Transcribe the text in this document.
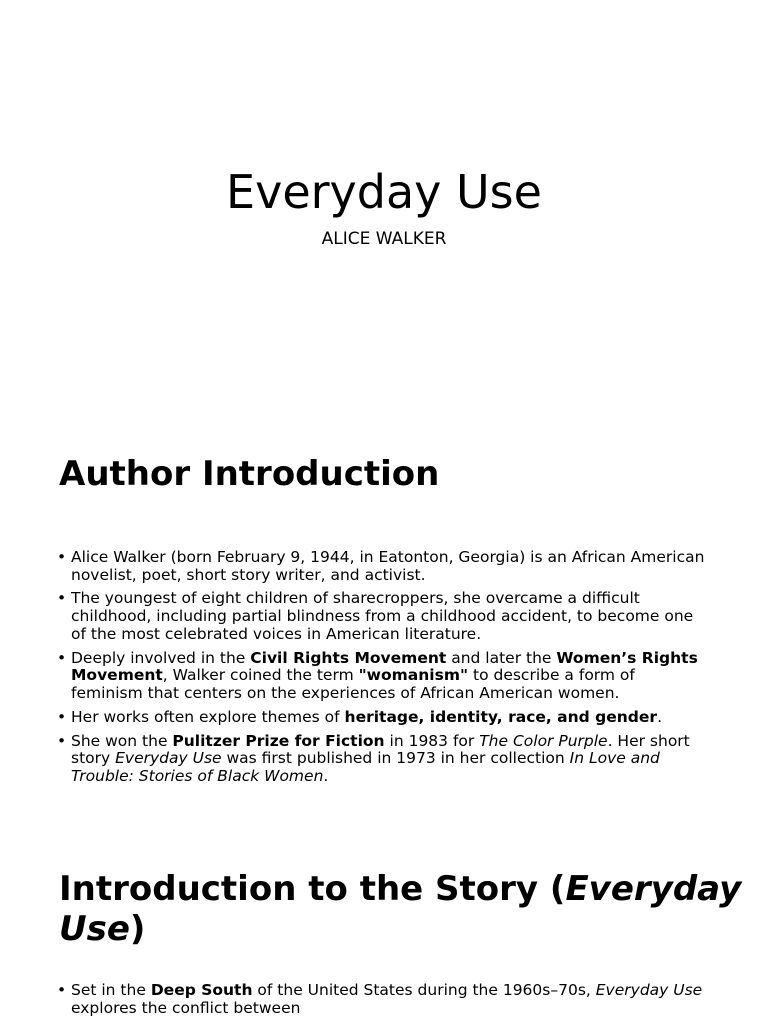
Everyday Use

ALICE WALKER

Author Introduction
• Alice Walker (born February 9, 1944, in Eatonton, Georgia) is an African American novelist, poet, short story writer, and activist.
• The youngest of eight children of sharecroppers, she overcame a difficult childhood, including partial blindness from a childhood accident, to become one of the most celebrated voices in American literature.
• Deeply involved in the Civil Rights Movement and later the Women’s Rights Movement, Walker coined the term "womanism" to describe a form of feminism that centers on the experiences of African American women.
• Her works often explore themes of heritage, identity, race, and gender.
• She won the Pulitzer Prize for Fiction in 1983 for The Color Purple. Her short story Everyday Use was first published in 1973 in her collection In Love and Trouble: Stories of Black Women.
Introduction to the Story (Everyday Use)
• Set in the Deep South of the United States during the 1960s–70s, Everyday Use explores the conflict between
